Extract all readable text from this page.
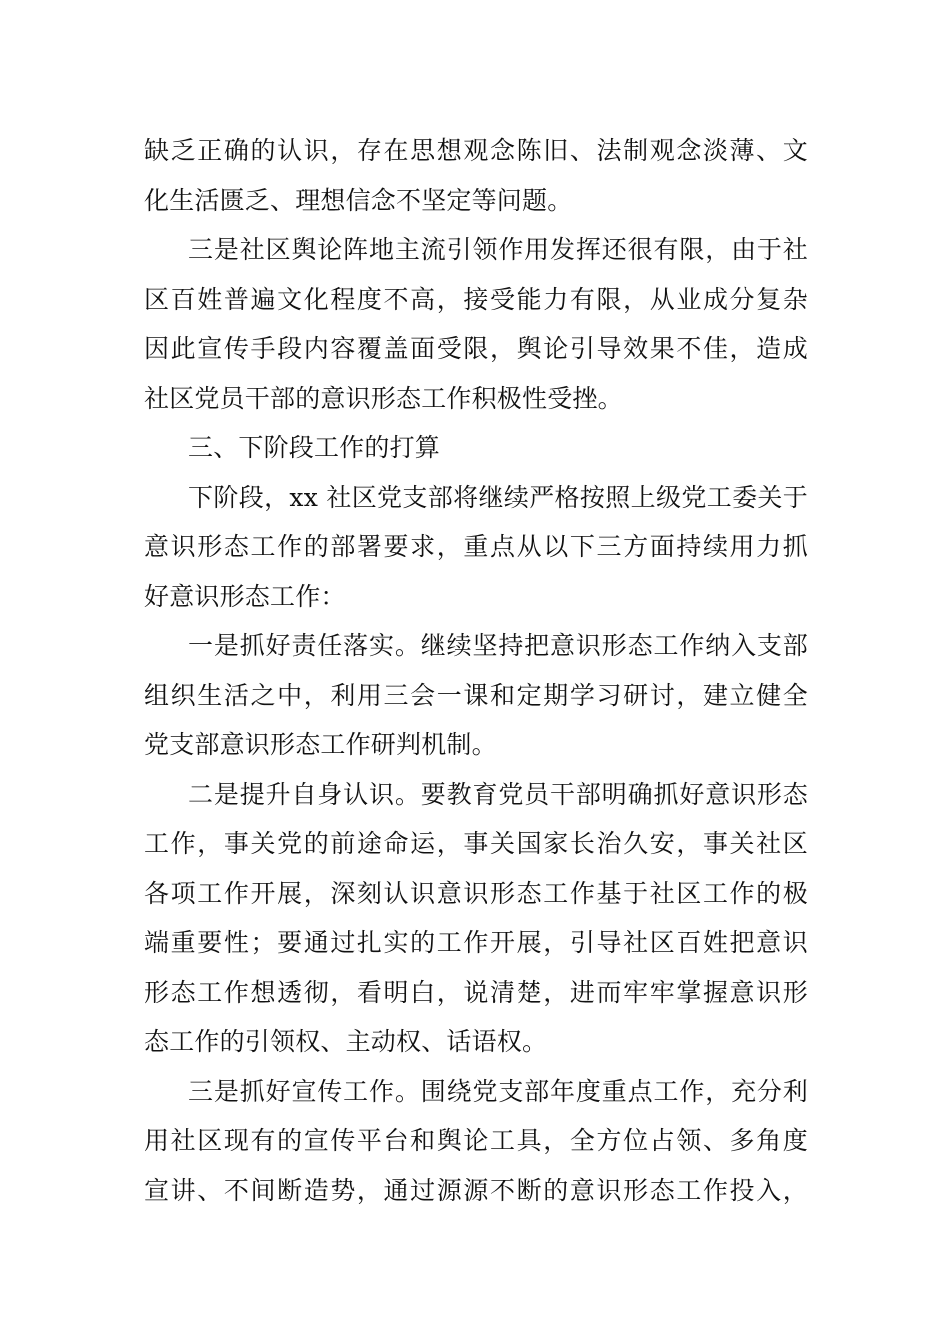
缺乏正确的认识，存在思想观念陈旧、法制观念淡薄、文
化生活匮乏、理想信念不坚定等问题。
三是社区舆论阵地主流引领作用发挥还很有限，由于社
区百姓普遍文化程度不高，接受能力有限，从业成分复杂
因此宣传手段内容覆盖面受限，舆论引导效果不佳，造成
社区党员干部的意识形态工作积极性受挫。
三、下阶段工作的打算
下阶段，xx 社区党支部将继续严格按照上级党工委关于
意识形态工作的部署要求，重点从以下三方面持续用力抓
好意识形态工作：
一是抓好责任落实。继续坚持把意识形态工作纳入支部
组织生活之中，利用三会一课和定期学习研讨，建立健全
党支部意识形态工作研判机制。
二是提升自身认识。要教育党员干部明确抓好意识形态
工作，事关党的前途命运，事关国家长治久安，事关社区
各项工作开展，深刻认识意识形态工作基于社区工作的极
端重要性；要通过扎实的工作开展，引导社区百姓把意识
形态工作想透彻，看明白，说清楚，进而牢牢掌握意识形
态工作的引领权、主动权、话语权。
三是抓好宣传工作。围绕党支部年度重点工作，充分利
用社区现有的宣传平台和舆论工具，全方位占领、多角度
宣讲、不间断造势，通过源源不断的意识形态工作投入，
